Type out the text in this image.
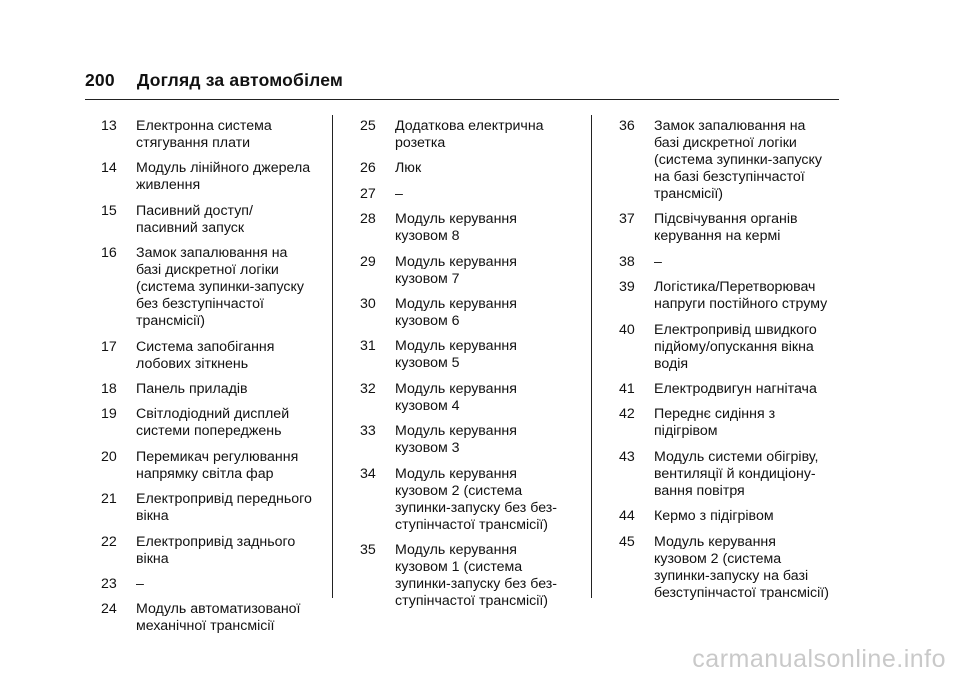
200 Догляд за автомобілем
13	Електронна система
стягування плати
14	Модуль лінійного джерела
живлення
15	Пасивний доступ/
пасивний запуск
16	Замок запалювання на
базі дискретної логіки
(система зупинки-запуску
без безступінчастої
трансмісії)
17	Система запобігання
лобових зіткнень
18	Панель приладів
19	Світлодіодний дисплей
системи попереджень
20	Перемикач регулювання
напрямку світла фар
21	Електропривід переднього
вікна
22	Електропривід заднього
вікна
23	–
24	Модуль автоматизованої
механічної трансмісії
25	Додаткова електрична
розетка
26	Люк
27	–
28	Модуль керування
кузовом 8
29	Модуль керування
кузовом 7
30	Модуль керування
кузовом 6
31	Модуль керування
кузовом 5
32	Модуль керування
кузовом 4
33	Модуль керування
кузовом 3
34	Модуль керування
кузовом 2 (система
зупинки-запуску без без-
ступінчастої трансмісії)
35	Модуль керування
кузовом 1 (система
зупинки-запуску без без-
ступінчастої трансмісії)
36	Замок запалювання на
базі дискретної логіки
(система зупинки-запуску
на базі безступінчастої
трансмісії)
37	Підсвічування органів
керування на кермі
38	–
39	Логістика/Перетворювач
напруги постійного струму
40	Електропривід швидкого
підйому/опускання вікна
водія
41	Електродвигун нагнітача
42	Переднє сидіння з
підігрівом
43	Модуль системи обігріву,
вентиляції й кондиціону-
вання повітря
44	Кермо з підігрівом
45	Модуль керування
кузовом 2 (система
зупинки-запуску на базі
безступінчастої трансмісії)
carmanualsonline.info
